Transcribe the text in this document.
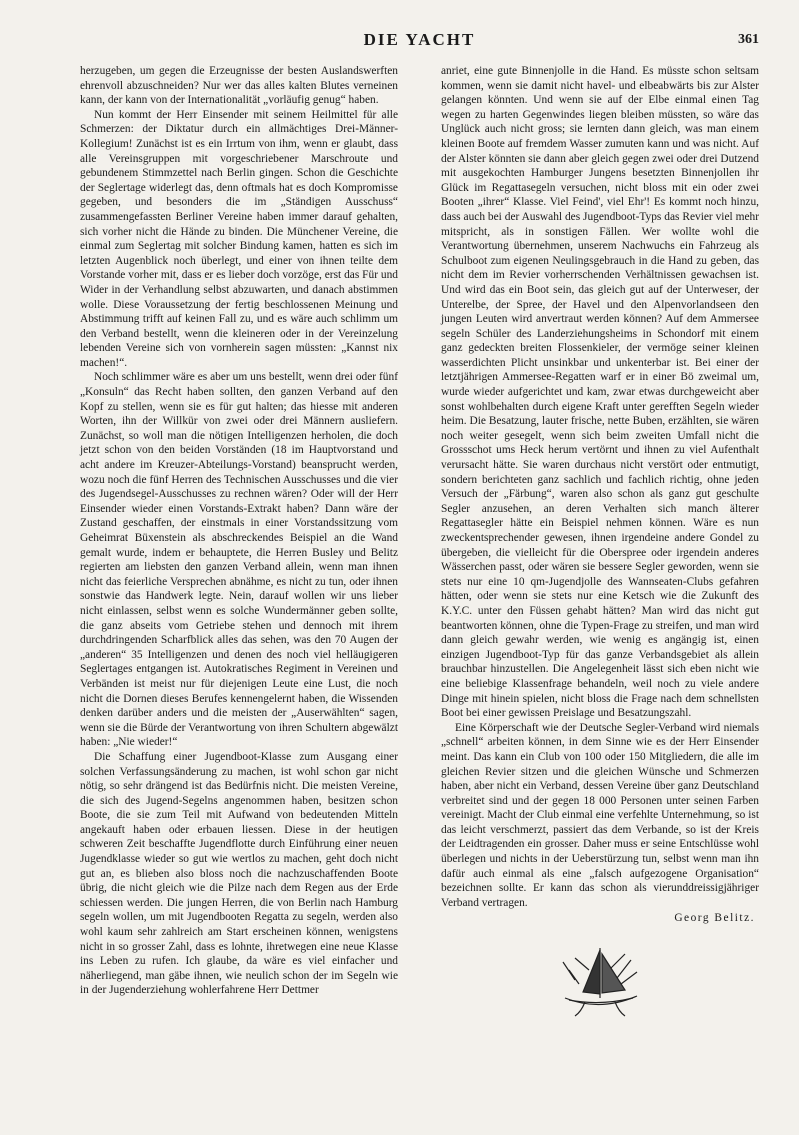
DIE YACHT	361

herzugeben, um gegen die Erzeugnisse der besten Auslandswerften ehrenvoll abzuschneiden? Nur wer das alles kalten Blutes verneinen kann, der kann von der Internationalität „vorläufig genug“ haben.

Nun kommt der Herr Einsender mit seinem Heilmittel für alle Schmerzen: der Diktatur durch ein allmächtiges Drei-Männer-Kollegium! Zunächst ist es ein Irrtum von ihm, wenn er glaubt, dass alle Vereinsgruppen mit vorgeschriebener Marschroute und gebundenem Stimmzettel nach Berlin gingen. Schon die Geschichte der Seglertage widerlegt das, denn oftmals hat es doch Kompromisse gegeben, und besonders die im „Ständigen Ausschuss“ zusammengefassten Berliner Vereine haben immer darauf gehalten, sich vorher nicht die Hände zu binden. Die Münchener Vereine, die einmal zum Seglertag mit solcher Bindung kamen, hatten es sich im letzten Augenblick noch überlegt, und einer von ihnen teilte dem Vorstande vorher mit, dass er es lieber doch vorzöge, erst das Für und Wider in der Verhandlung selbst abzuwarten, und danach abstimmen wolle. Diese Voraussetzung der fertig beschlossenen Meinung und Abstimmung trifft auf keinen Fall zu, und es wäre auch schlimm um den Verband bestellt, wenn die kleineren oder in der Vereinzelung lebenden Vereine sich von vornherein sagen müssten: „Kannst nix machen!“.

Noch schlimmer wäre es aber um uns bestellt, wenn drei oder fünf „Konsuln“ das Recht haben sollten, den ganzen Verband auf den Kopf zu stellen, wenn sie es für gut halten; das hiesse mit anderen Worten, ihn der Willkür von zwei oder drei Männern ausliefern. Zunächst, so woll man die nötigen Intelligenzen herholen, die doch jetzt schon von den beiden Vorständen (18 im Hauptvorstand und acht andere im Kreuzer-Abteilungs-Vorstand) beansprucht werden, wozu noch die fünf Herren des Technischen Ausschusses und die vier des Jugendsegel-Ausschusses zu rechnen wären? Oder will der Herr Einsender wieder einen Vorstands-Extrakt haben? Dann wäre der Zustand geschaffen, der einstmals in einer Vorstandssitzung vom Geheimrat Büxenstein als abschreckendes Beispiel an die Wand gemalt wurde, indem er behauptete, die Herren Busley und Belitz regierten am liebsten den ganzen Verband allein, wenn man ihnen nicht das feierliche Versprechen abnähme, es nicht zu tun, oder ihnen sonstwie das Handwerk legte. Nein, darauf wollen wir uns lieber nicht einlassen, selbst wenn es solche Wundermänner geben sollte, die ganz abseits vom Getriebe stehen und dennoch mit ihrem durchdringenden Scharfblick alles das sehen, was den 70 Augen der „anderen“ 35 Intelligenzen und denen des noch viel helläugigeren Seglertages entgangen ist. Autokratisches Regiment in Vereinen und Verbänden ist meist nur für diejenigen Leute eine Lust, die noch nicht die Dornen dieses Berufes kennengelernt haben, die Wissenden denken darüber anders und die meisten der „Auserwählten“ sagen, wenn sie die Bürde der Verantwortung von ihren Schultern abgewälzt haben: „Nie wieder!“

Die Schaffung einer Jugendboot-Klasse zum Ausgang einer solchen Verfassungsänderung zu machen, ist wohl schon gar nicht nötig, so sehr drängend ist das Bedürfnis nicht. Die meisten Vereine, die sich des Jugend-Segelns angenommen haben, besitzen schon Boote, die sie zum Teil mit Aufwand von bedeutenden Mitteln angekauft haben oder erbauen liessen. Diese in der heutigen schweren Zeit beschaffte Jugendflotte durch Einführung einer neuen Jugendklasse wieder so gut wie wertlos zu machen, geht doch nicht gut an, es blieben also bloss noch die nachzuschaffenden Boote übrig, die nicht gleich wie die Pilze nach dem Regen aus der Erde schiessen werden. Die jungen Herren, die von Berlin nach Hamburg segeln wollen, um mit Jugendbooten Regatta zu segeln, werden also wohl kaum sehr zahlreich am Start erscheinen können, wenigstens nicht in so grosser Zahl, dass es lohnte, ihretwegen eine neue Klasse ins Leben zu rufen. Ich glaube, da wäre es viel einfacher und näherliegend, man gäbe ihnen, wie neulich schon der im Segeln wie in der Jugenderziehung wohlerfahrene Herr Dettmer

anriet, eine gute Binnenjolle in die Hand. Es müsste schon seltsam kommen, wenn sie damit nicht havel- und elbeabwärts bis zur Alster gelangen könnten. Und wenn sie auf der Elbe einmal einen Tag wegen zu harten Gegenwindes liegen bleiben müssten, so wäre das Unglück auch nicht gross; sie lernten dann gleich, was man einem kleinen Boote auf fremdem Wasser zumuten kann und was nicht. Auf der Alster könnten sie dann aber gleich gegen zwei oder drei Dutzend mit ausgekochten Hamburger Jungens besetzten Binnenjollen ihr Glück im Regattasegeln versuchen, nicht bloss mit ein oder zwei Booten „ihrer“ Klasse. Viel Feind', viel Ehr'! Es kommt noch hinzu, dass auch bei der Auswahl des Jugendboot-Typs das Revier viel mehr mitspricht, als in sonstigen Fällen. Wer wollte wohl die Verantwortung übernehmen, unserem Nachwuchs ein Fahrzeug als Schulboot zum eigenen Neulingsgebrauch in die Hand zu geben, das nicht dem im Revier vorherrschenden Verhältnissen gewachsen ist. Und wird das ein Boot sein, das gleich gut auf der Unterweser, der Unterelbe, der Spree, der Havel und den Alpenvorlandseen den jungen Leuten wird anvertraut werden können? Auf dem Ammersee segeln Schüler des Landerziehungsheims in Schondorf mit einem ganz gedeckten breiten Flossenkieler, der vermöge seiner kleinen wasserdichten Plicht unsinkbar und unkenterbar ist. Bei einer der letztjährigen Ammersee-Regatten warf er in einer Bö zweimal um, wurde wieder aufgerichtet und kam, zwar etwas durchgeweicht aber sonst wohlbehalten durch eigene Kraft unter gerefften Segeln wieder heim. Die Besatzung, lauter frische, nette Buben, erzählten, sie wären noch weiter gesegelt, wenn sich beim zweiten Umfall nicht die Grossschot ums Heck herum vertörnt und ihnen zu viel Aufenthalt verursacht hätte. Sie waren durchaus nicht verstört oder entmutigt, sondern berichteten ganz sachlich und fachlich richtig, ohne jeden Versuch der „Färbung“, waren also schon als ganz gut geschulte Segler anzusehen, an deren Verhalten sich manch älterer Regattasegler hätte ein Beispiel nehmen können. Wäre es nun zweckentsprechender gewesen, ihnen irgendeine andere Gondel zu übergeben, die vielleicht für die Oberspree oder irgendein anderes Wässerchen passt, oder wären sie bessere Segler geworden, wenn sie stets nur eine 10 qm-Jugendjolle des Wannseaten-Clubs gefahren hätten, oder wenn sie stets nur eine Ketsch wie die Zukunft des K.Y.C. unter den Füssen gehabt hätten? Man wird das nicht gut beantworten können, ohne die Typen-Frage zu streifen, und man wird dann gleich gewahr werden, wie wenig es angängig ist, einen einzigen Jugendboot-Typ für das ganze Verbandsgebiet als allein brauchbar hinzustellen. Die Angelegenheit lässt sich eben nicht wie eine beliebige Klassenfrage behandeln, weil noch zu viele andere Dinge mit hinein spielen, nicht bloss die Frage nach dem schnellsten Boot bei einer gewissen Preislage und Besatzungszahl.

Eine Körperschaft wie der Deutsche Segler-Verband wird niemals „schnell“ arbeiten können, in dem Sinne wie es der Herr Einsender meint. Das kann ein Club von 100 oder 150 Mitgliedern, die alle im gleichen Revier sitzen und die gleichen Wünsche und Schmerzen haben, aber nicht ein Verband, dessen Vereine über ganz Deutschland verbreitet sind und der gegen 18 000 Personen unter seinen Farben vereinigt. Macht der Club einmal eine verfehlte Unternehmung, so ist das leicht verschmerzt, passiert das dem Verbande, so ist der Kreis der Leidtragenden ein grosser. Daher muss er seine Entschlüsse wohl überlegen und nichts in der Ueberstürzung tun, selbst wenn man ihn dafür auch einmal als eine „falsch aufgezogene Organisation“ bezeichnen sollte. Er kann das schon als vierunddreissigjähriger Verband vertragen.

Georg Belitz.
